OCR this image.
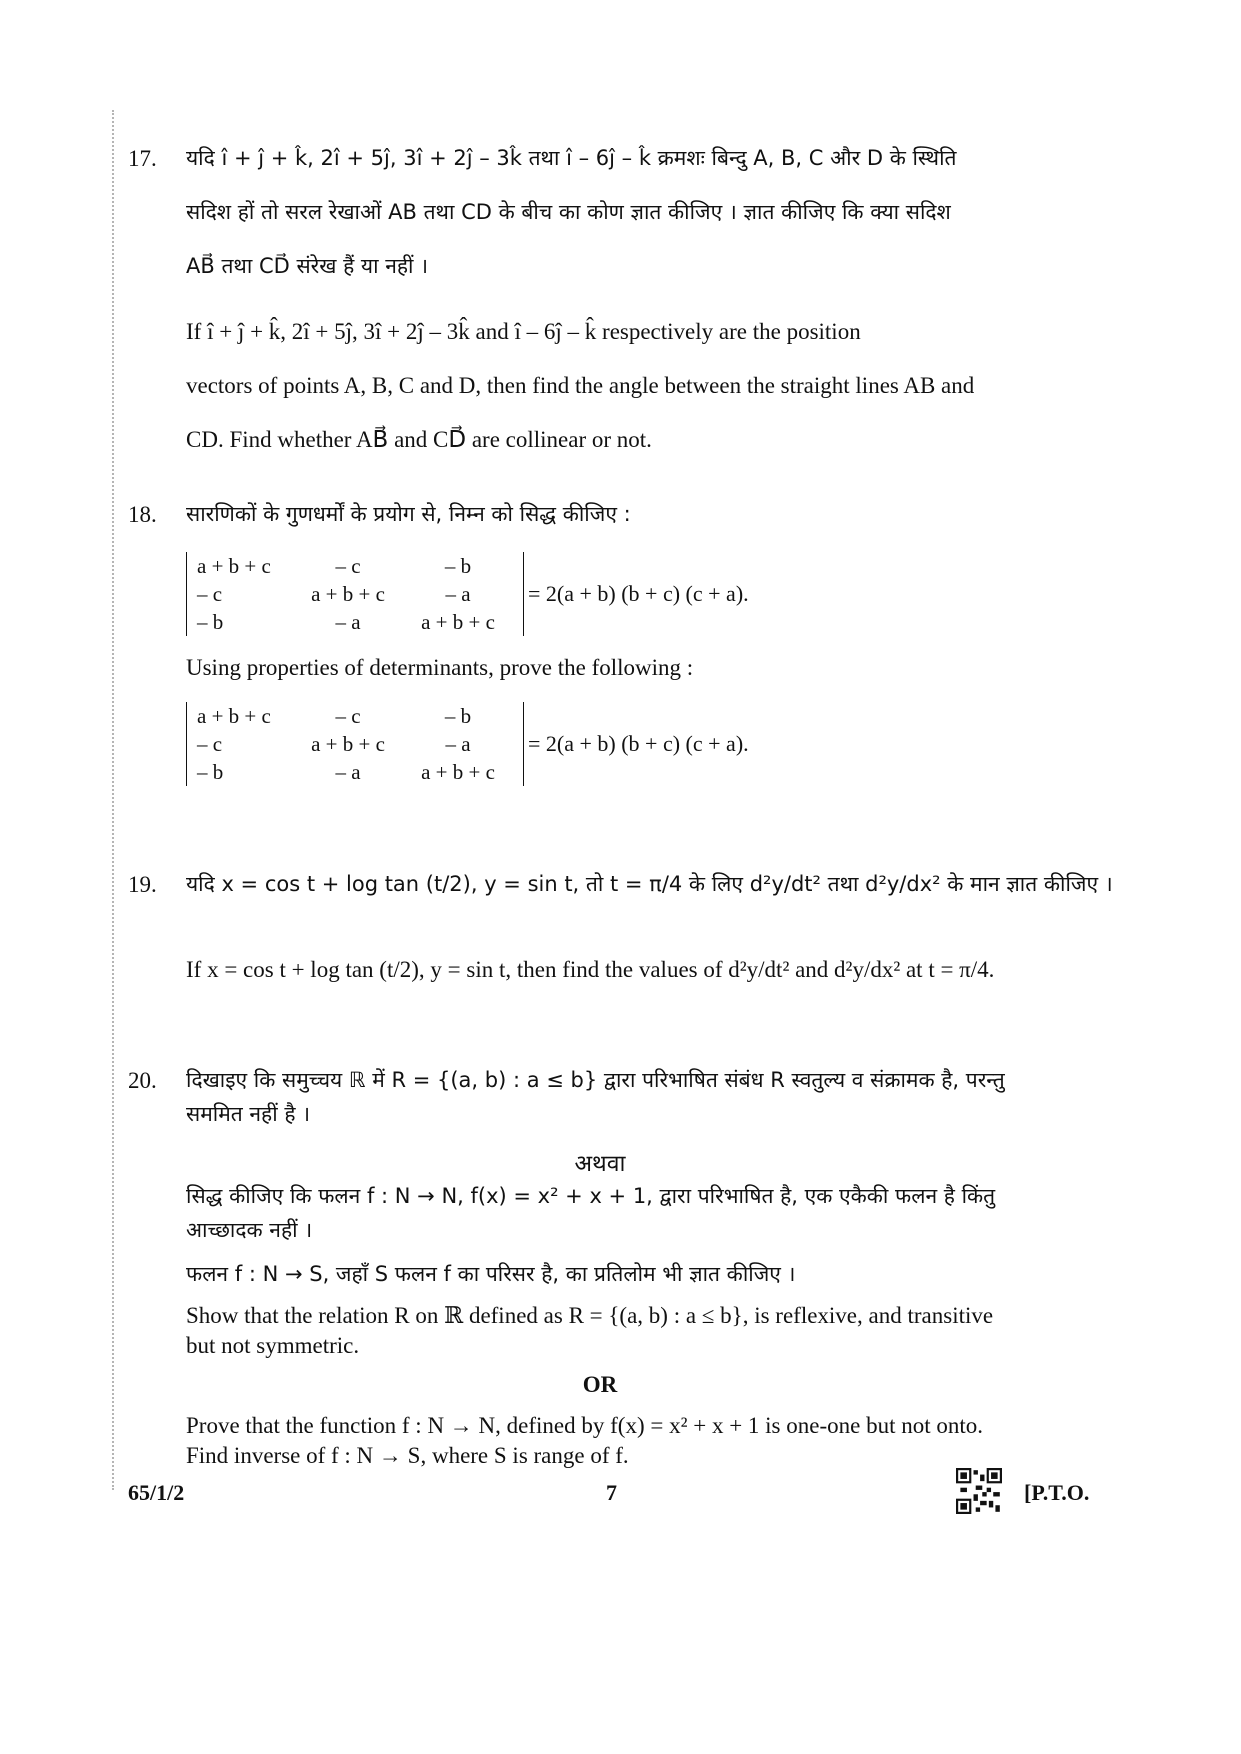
17. यदि î + ĵ + k̂, 2î + 5ĵ, 3î + 2ĵ – 3k̂ तथा î – 6ĵ – k̂ क्रमशः बिन्दु A, B, C और D के स्थिति
सदिश हों तो सरल रेखाओं AB तथा CD के बीच का कोण ज्ञात कीजिए । ज्ञात कीजिए कि क्या सदिश
AB⃗ तथा CD⃗ संरेख हैं या नहीं ।
If î + ĵ + k̂, 2î + 5ĵ, 3î + 2ĵ – 3k̂ and î – 6ĵ – k̂ respectively are the position
vectors of points A, B, C and D, then find the angle between the straight lines AB and
CD. Find whether AB⃗ and CD⃗ are collinear or not.
18. सारणिकों के गुणधर्मों के प्रयोग से, निम्न को सिद्ध कीजिए :
a + b + c	– c	– b
– c	a + b + c	– a
– b	– a	a + b + c
= 2(a + b) (b + c) (c + a).
Using properties of determinants, prove the following :
a + b + c	– c	– b
– c	a + b + c	– a
– b	– a	a + b + c
= 2(a + b) (b + c) (c + a).
19. यदि x = cos t + log tan (t/2), y = sin t, तो t = π/4 के लिए d²y/dt² तथा d²y/dx² के मान ज्ञात कीजिए ।
If x = cos t + log tan (t/2), y = sin t, then find the values of d²y/dt² and d²y/dx² at t = π/4.
20. दिखाइए कि समुच्चय ℝ में R = {(a, b) : a ≤ b} द्वारा परिभाषित संबंध R स्वतुल्य व संक्रामक है, परन्तु
सममित नहीं है ।
अथवा
सिद्ध कीजिए कि फलन f : N → N, f(x) = x² + x + 1, द्वारा परिभाषित है, एक एकैकी फलन है किंतु
आच्छादक नहीं ।
फलन f : N → S, जहाँ S फलन f का परिसर है, का प्रतिलोम भी ज्ञात कीजिए ।
Show that the relation R on ℝ defined as R = {(a, b) : a ≤ b}, is reflexive, and transitive
but not symmetric.
OR
Prove that the function f : N → N, defined by f(x) = x² + x + 1 is one-one but not onto.
Find inverse of f : N → S, where S is range of f.
65/1/2	7	[P.T.O.
